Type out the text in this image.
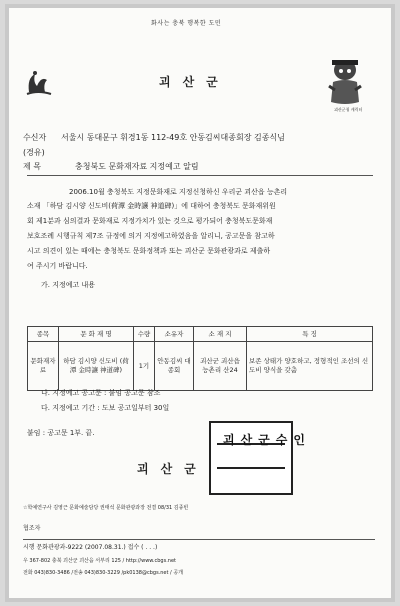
화사는 충북 행복한 도민
괴산군
괴산군청 캐릭터
수신자 서울시 동대문구 휘경1동 112-49호 안동김씨대종회장 김종식님
(경유)
제 목	충청북도 문화재자료 지정예고 알림
2006.10월 충청북도 지정문화재로 지정신청하신 우리군 괴산읍 능촌리
소재 「하담 김시양 신도비(荷潭 金時讓 神道碑)」에 대하여 충청북도 문화재위원
회 제1분과 심의결과 문화재로 지정가치가 있는 것으로 평가되어 충청북도문화재
보호조례 시행규칙 제7조 규정에 의거 지정예고하였음을 알리니, 공고문을 참고하
시고 의견이 있는 때에는 충청북도 문화정책과 또는 괴산군 문화관광과로 제출하
여 주시기 바랍니다.
가. 지정예고 내용
종목	문 화 재 명	수량	소유자	소 재 지	특 징
문화재자료	하담 김시양 신도비 (荷潭 金時讓 神道碑)	1기	안동김씨 대종회	괴산군 괴산읍 능촌리 산24	보존 상태가 양호하고, 정형적인 조선의 신도비 양식을 갖춤
나. 지정예고 공고문 : 붙임 공고문 참조
다. 지정예고 기간 : 도보 공고일부터 30일
붙임 : 공고문 1부. 끝.	괴산군수인
괴산군
☆학예연구사 김영근 문화예술담당 권태석 문화관광과장 전결 08/31 김종빈
협조자
시행 문화관광과-9222 (2007.08.31.) 접수 ( . . .)
우 367-802 충북 괴산군 괴산읍 서부리 125 / http://www.cbgs.net
전화 043)830-3486 /전송 043)830-3229 /pk0138@cbgs.net / 공개
